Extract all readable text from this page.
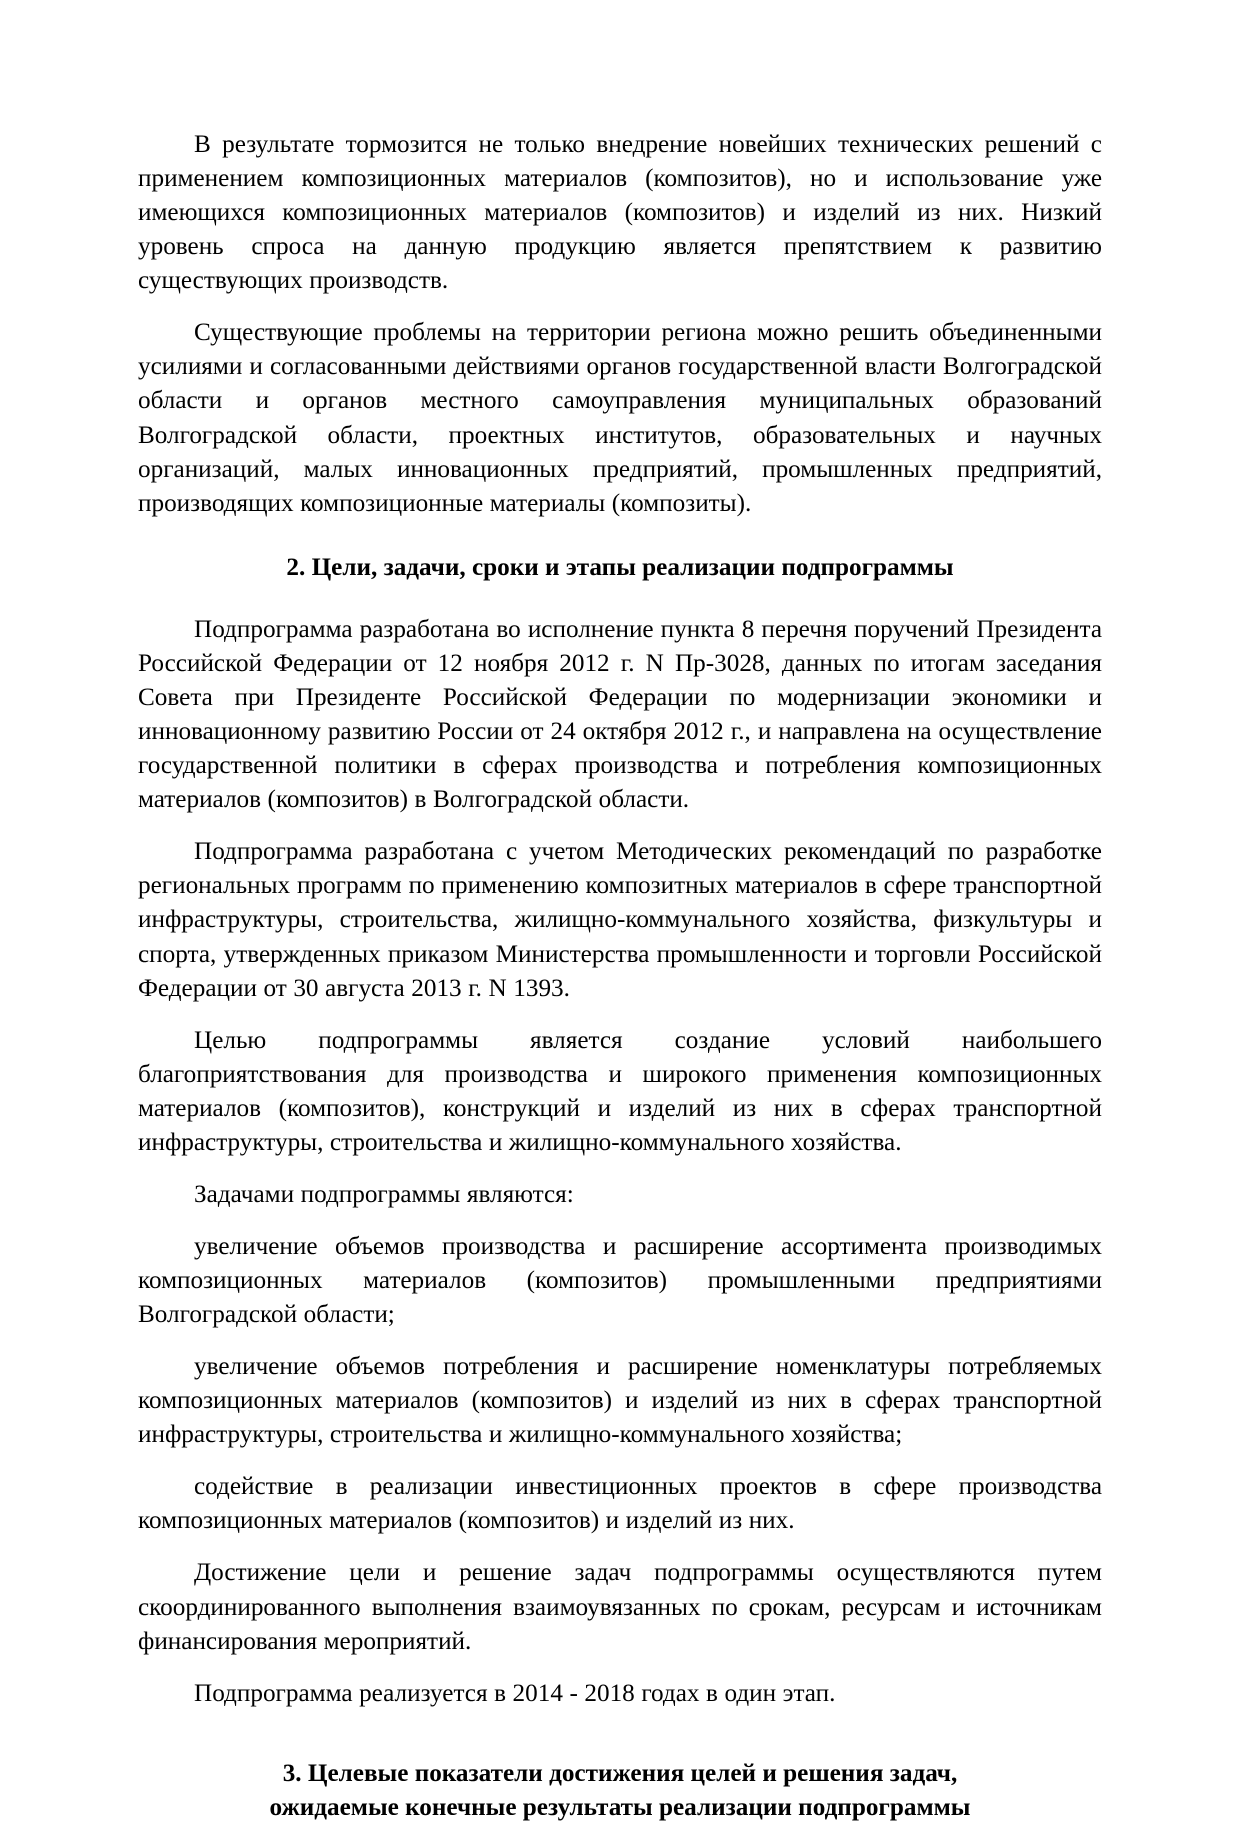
В результате тормозится не только внедрение новейших технических решений с применением композиционных материалов (композитов), но и использование уже имеющихся композиционных материалов (композитов) и изделий из них. Низкий уровень спроса на данную продукцию является препятствием к развитию существующих производств.

Существующие проблемы на территории региона можно решить объединенными усилиями и согласованными действиями органов государственной власти Волгоградской области и органов местного самоуправления муниципальных образований Волгоградской области, проектных институтов, образовательных и научных организаций, малых инновационных предприятий, промышленных предприятий, производящих композиционные материалы (композиты).

2. Цели, задачи, сроки и этапы реализации подпрограммы

Подпрограмма разработана во исполнение пункта 8 перечня поручений Президента Российской Федерации от 12 ноября 2012 г. N Пр-3028, данных по итогам заседания Совета при Президенте Российской Федерации по модернизации экономики и инновационному развитию России от 24 октября 2012 г., и направлена на осуществление государственной политики в сферах производства и потребления композиционных материалов (композитов) в Волгоградской области.

Подпрограмма разработана с учетом Методических рекомендаций по разработке региональных программ по применению композитных материалов в сфере транспортной инфраструктуры, строительства, жилищно-коммунального хозяйства, физкультуры и спорта, утвержденных приказом Министерства промышленности и торговли Российской Федерации от 30 августа 2013 г. N 1393.

Целью подпрограммы является создание условий наибольшего благоприятствования для производства и широкого применения композиционных материалов (композитов), конструкций и изделий из них в сферах транспортной инфраструктуры, строительства и жилищно-коммунального хозяйства.

Задачами подпрограммы являются:

увеличение объемов производства и расширение ассортимента производимых композиционных материалов (композитов) промышленными предприятиями Волгоградской области;

увеличение объемов потребления и расширение номенклатуры потребляемых композиционных материалов (композитов) и изделий из них в сферах транспортной инфраструктуры, строительства и жилищно-коммунального хозяйства;

содействие в реализации инвестиционных проектов в сфере производства композиционных материалов (композитов) и изделий из них.

Достижение цели и решение задач подпрограммы осуществляются путем скоординированного выполнения взаимоувязанных по срокам, ресурсам и источникам финансирования мероприятий.

Подпрограмма реализуется в 2014 - 2018 годах в один этап.

3. Целевые показатели достижения целей и решения задач,
ожидаемые конечные результаты реализации подпрограммы
